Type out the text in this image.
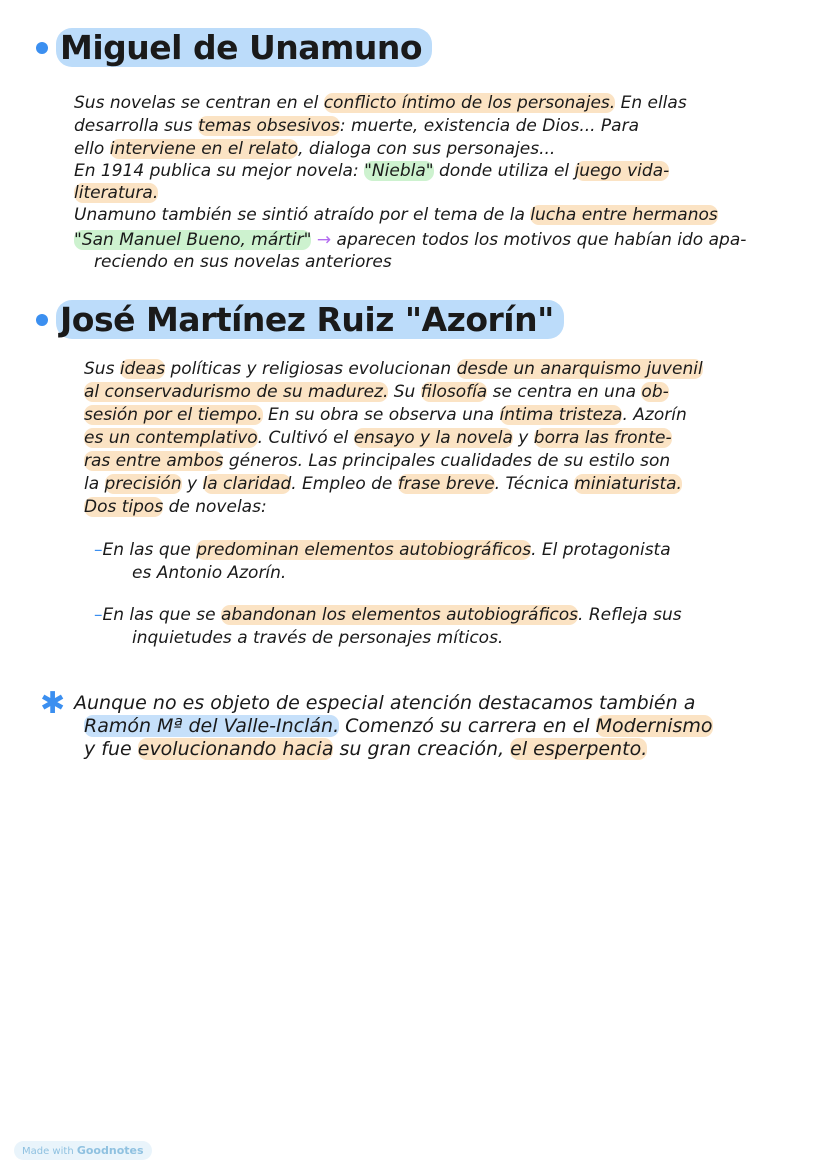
Miguel de Unamuno
José Martínez Ruiz "Azorín"
Sus novelas se centran en el conflicto íntimo de los personajes. En ellas
desarrolla sus temas obsesivos: muerte, existencia de Dios... Para
ello interviene en el relato, dialoga con sus personajes...
En 1914 publica su mejor novela: "Niebla" donde utiliza el juego vida-
literatura.
Unamuno también se sintió atraído por el tema de la lucha entre hermanos
"San Manuel Bueno, mártir" → aparecen todos los motivos que habían ido apa-
reciendo en sus novelas anteriores
Sus ideas políticas y religiosas evolucionan desde un anarquismo juvenil
al conservadurismo de su madurez. Su filosofía se centra en una ob-
sesión por el tiempo. En su obra se observa una íntima tristeza. Azorín
es un contemplativo. Cultivó el ensayo y la novela y borra las fronte-
ras entre ambos géneros. Las principales cualidades de su estilo son
la precisión y la claridad. Empleo de frase breve. Técnica miniaturista.
Dos tipos de novelas:
–En las que predominan elementos autobiográficos. El protagonista
es Antonio Azorín.
–En las que se abandonan los elementos autobiográficos. Refleja sus
inquietudes a través de personajes míticos.
Aunque no es objeto de especial atención destacamos también a
Ramón Mª del Valle-Inclán. Comenzó su carrera en el Modernismo
y fue evolucionando hacia su gran creación, el esperpento.
✱
Made with Goodnotes
